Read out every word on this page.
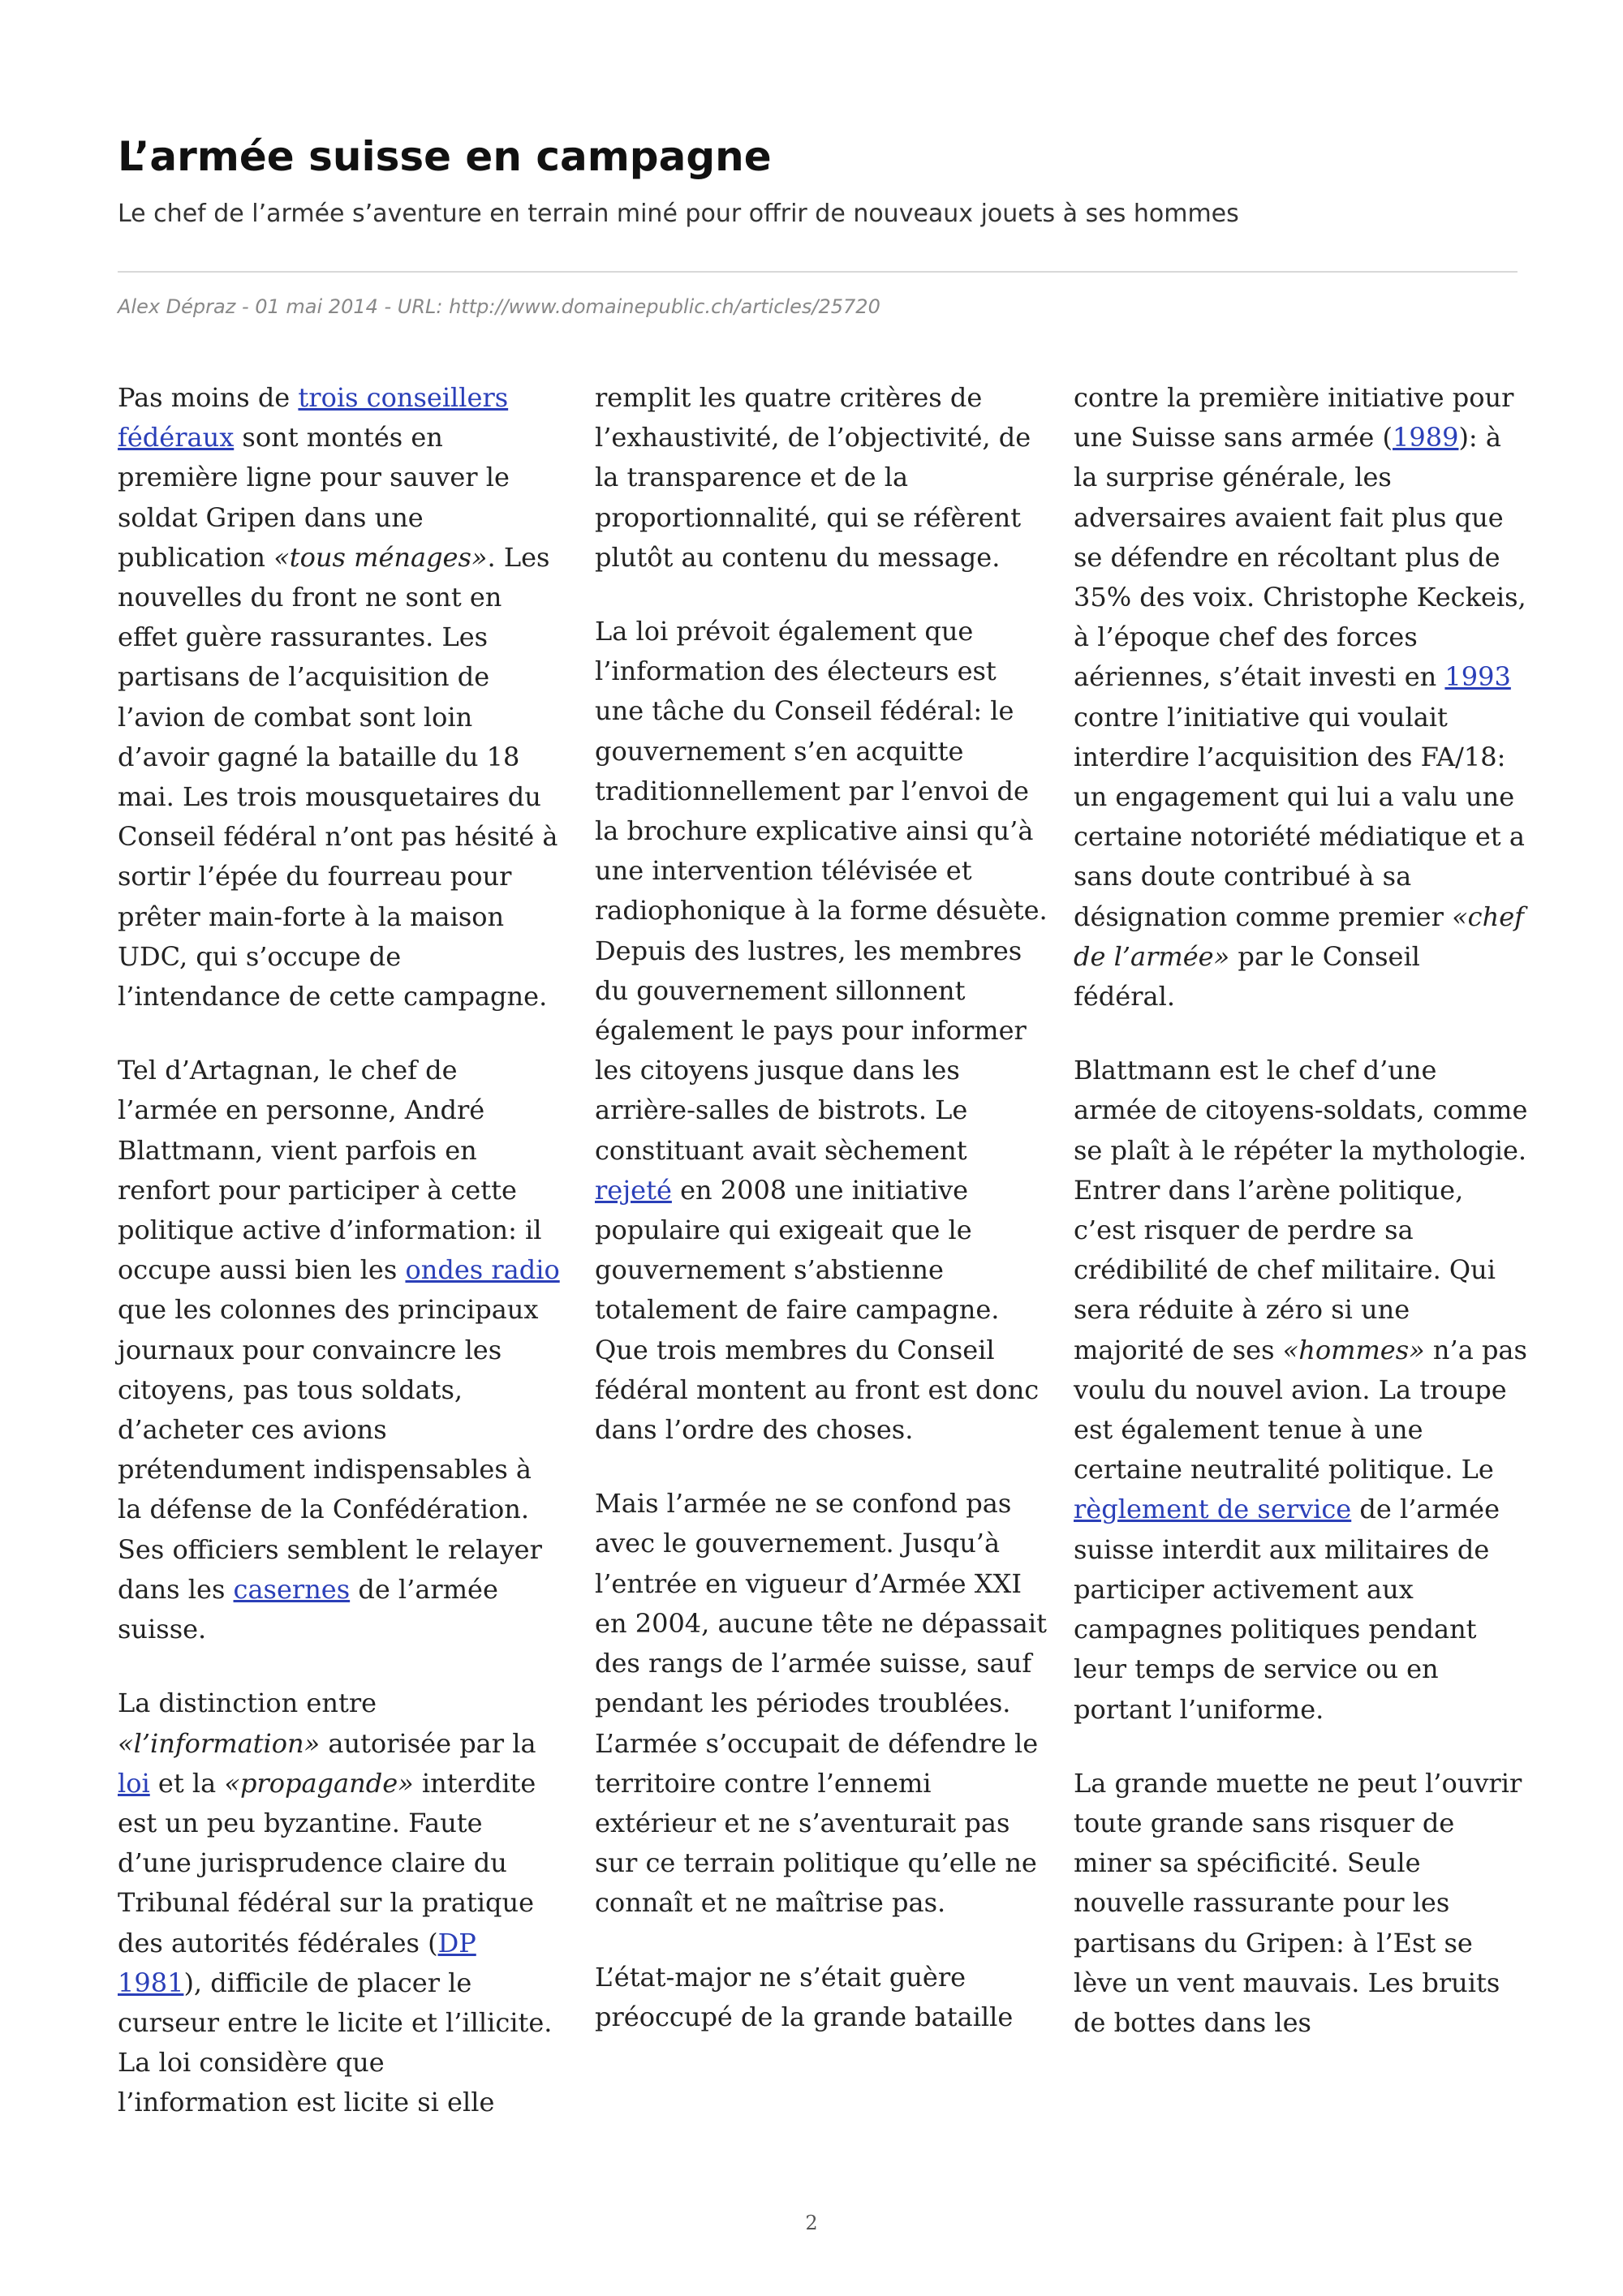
L’armée suisse en campagne

Le chef de l’armée s’aventure en terrain miné pour offrir de nouveaux jouets à ses hommes

Alex Dépraz - 01 mai 2014 - URL: http://www.domainepublic.ch/articles/25720

Pas moins de trois conseillers fédéraux sont montés en première ligne pour sauver le soldat Gripen dans une publication «tous ménages». Les nouvelles du front ne sont en effet guère rassurantes. Les partisans de l’acquisition de l’avion de combat sont loin d’avoir gagné la bataille du 18 mai. Les trois mousquetaires du Conseil fédéral n’ont pas hésité à sortir l’épée du fourreau pour prêter main-forte à la maison UDC, qui s’occupe de l’intendance de cette campagne.

Tel d’Artagnan, le chef de l’armée en personne, André Blattmann, vient parfois en renfort pour participer à cette politique active d’information: il occupe aussi bien les ondes radio que les colonnes des principaux journaux pour convaincre les citoyens, pas tous soldats, d’acheter ces avions prétendument indispensables à la défense de la Confédération. Ses officiers semblent le relayer dans les casernes de l’armée suisse.

La distinction entre «l’information» autorisée par la loi et la «propagande» interdite est un peu byzantine. Faute d’une jurisprudence claire du Tribunal fédéral sur la pratique des autorités fédérales (DP 1981), difficile de placer le curseur entre le licite et l’illicite. La loi considère que l’information est licite si elle

remplit les quatre critères de l’exhaustivité, de l’objectivité, de la transparence et de la proportionnalité, qui se réfèrent plutôt au contenu du message.

La loi prévoit également que l’information des électeurs est une tâche du Conseil fédéral: le gouvernement s’en acquitte traditionnellement par l’envoi de la brochure explicative ainsi qu’à une intervention télévisée et radiophonique à la forme désuète. Depuis des lustres, les membres du gouvernement sillonnent également le pays pour informer les citoyens jusque dans les arrière-salles de bistrots. Le constituant avait sèchement rejeté en 2008 une initiative populaire qui exigeait que le gouvernement s’abstienne totalement de faire campagne. Que trois membres du Conseil fédéral montent au front est donc dans l’ordre des choses.

Mais l’armée ne se confond pas avec le gouvernement. Jusqu’à l’entrée en vigueur d’Armée XXI en 2004, aucune tête ne dépassait des rangs de l’armée suisse, sauf pendant les périodes troublées. L’armée s’occupait de défendre le territoire contre l’ennemi extérieur et ne s’aventurait pas sur ce terrain politique qu’elle ne connaît et ne maîtrise pas.

L’état-major ne s’était guère préoccupé de la grande bataille

contre la première initiative pour une Suisse sans armée (1989): à la surprise générale, les adversaires avaient fait plus que se défendre en récoltant plus de 35% des voix. Christophe Keckeis, à l’époque chef des forces aériennes, s’était investi en 1993 contre l’initiative qui voulait interdire l’acquisition des FA/18: un engagement qui lui a valu une certaine notoriété médiatique et a sans doute contribué à sa désignation comme premier «chef de l’armée» par le Conseil fédéral.

Blattmann est le chef d’une armée de citoyens-soldats, comme se plaît à le répéter la mythologie. Entrer dans l’arène politique, c’est risquer de perdre sa crédibilité de chef militaire. Qui sera réduite à zéro si une majorité de ses «hommes» n’a pas voulu du nouvel avion. La troupe est également tenue à une certaine neutralité politique. Le règlement de service de l’armée suisse interdit aux militaires de participer activement aux campagnes politiques pendant leur temps de service ou en portant l’uniforme.

La grande muette ne peut l’ouvrir toute grande sans risquer de miner sa spécificité. Seule nouvelle rassurante pour les partisans du Gripen: à l’Est se lève un vent mauvais. Les bruits de bottes dans les

2
